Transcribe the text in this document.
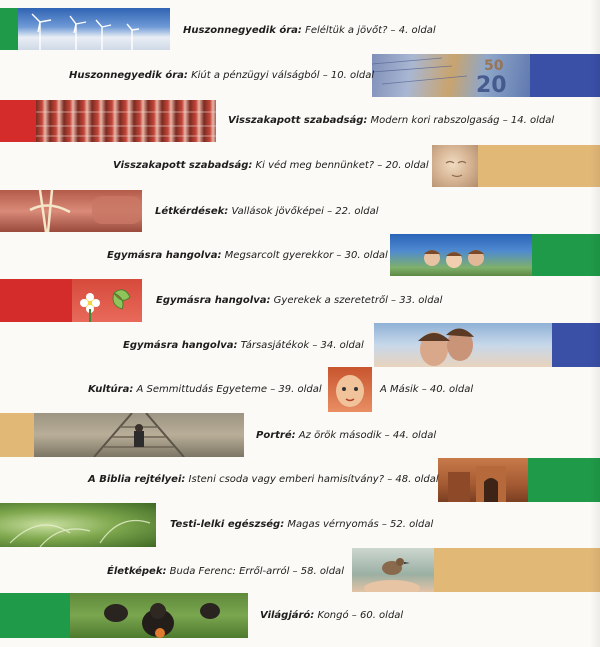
Huszonnegyedik óra: Feléltük a jövőt? – 4. oldal

20
50

Huszonnegyedik óra: Kiút a pénzügyi válságból – 10. oldal

Visszakapott szabadság: Modern kori rabszolgaság – 14. oldal

Visszakapott szabadság: Ki véd meg bennünket? – 20. oldal

Létkérdések: Vallások jövőképei – 22. oldal

Egymásra hangolva: Megsarcolt gyerekkor – 30. oldal

Egymásra hangolva: Gyerekek a szeretetről – 33. oldal

Egymásra hangolva: Társasjátékok – 34. oldal

Kultúra: A Semmittudás Egyeteme – 39. oldal	A Másik – 40. oldal

Portré: Az örök második – 44. oldal

A Biblia rejtélyei: Isteni csoda vagy emberi hamisítvány? – 48. oldal

Testi-lelki egészség: Magas vérnyomás – 52. oldal

Életképek: Buda Ferenc: Erről-arról – 58. oldal

Világjáró: Kongó – 60. oldal
